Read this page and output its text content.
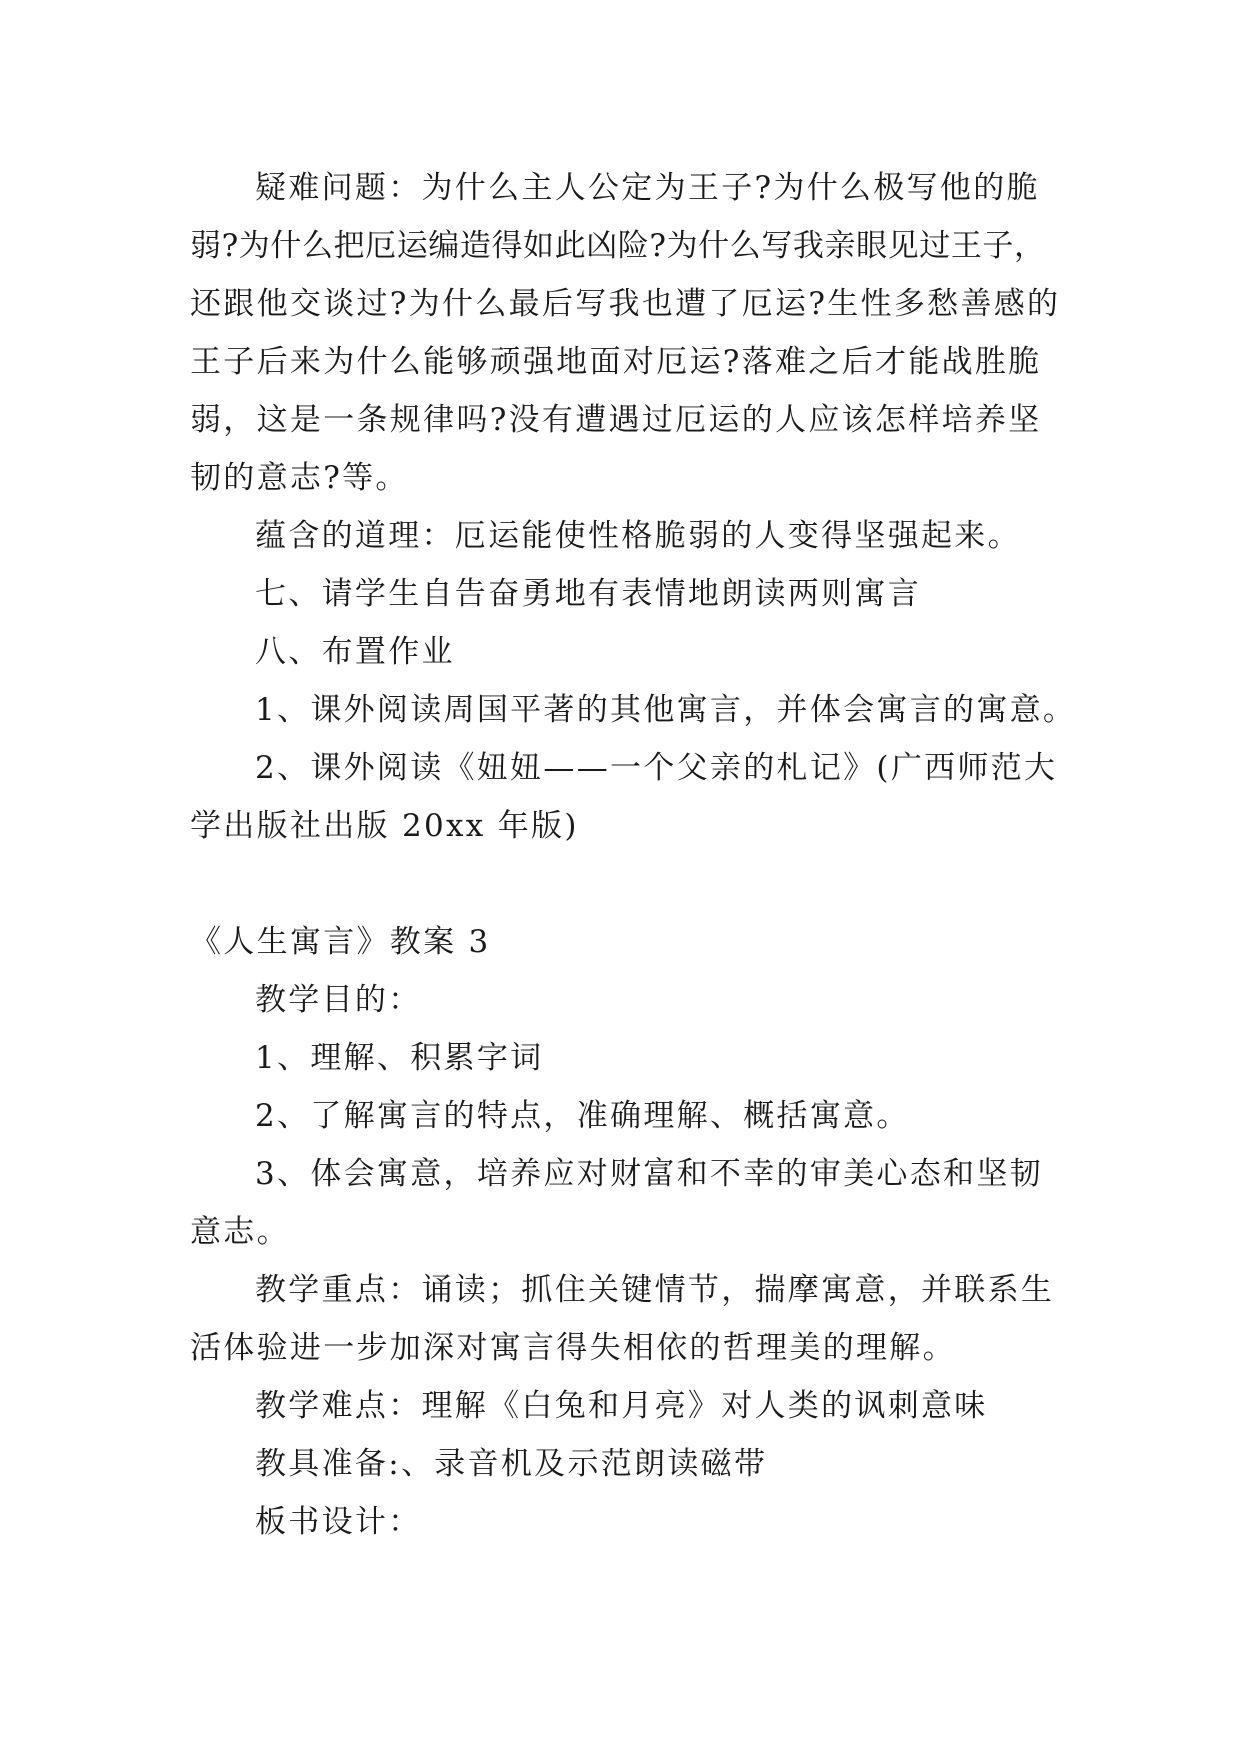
疑难问题：为什么主人公定为王子?为什么极写他的脆
弱?为什么把厄运编造得如此凶险?为什么写我亲眼见过王子，
还跟他交谈过?为什么最后写我也遭了厄运?生性多愁善感的
王子后来为什么能够顽强地面对厄运?落难之后才能战胜脆
弱，这是一条规律吗?没有遭遇过厄运的人应该怎样培养坚
韧的意志?等。
蕴含的道理：厄运能使性格脆弱的人变得坚强起来。
七、请学生自告奋勇地有表情地朗读两则寓言
八、布置作业
1、课外阅读周国平著的其他寓言，并体会寓言的寓意。
2、课外阅读《妞妞——一个父亲的札记》(广西师范大
学出版社出版 20xx 年版)
《人生寓言》教案 3
教学目的：
1、理解、积累字词
2、了解寓言的特点，准确理解、概括寓意。
3、体会寓意，培养应对财富和不幸的审美心态和坚韧
意志。
教学重点：诵读；抓住关键情节，揣摩寓意，并联系生
活体验进一步加深对寓言得失相依的哲理美的理解。
教学难点：理解《白兔和月亮》对人类的讽刺意味
教具准备:、录音机及示范朗读磁带
板书设计：
